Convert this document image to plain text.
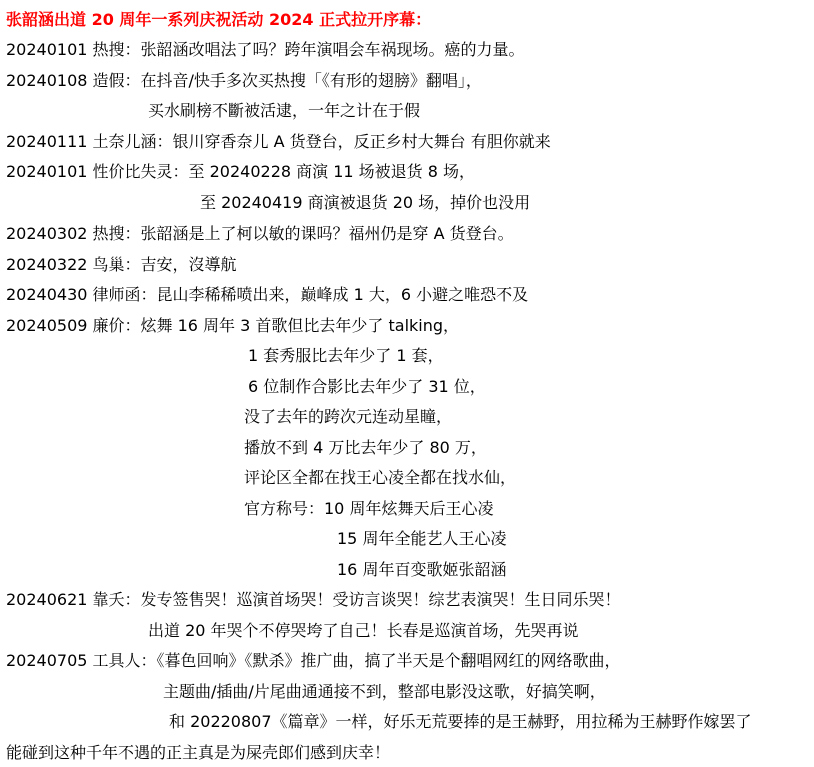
张韶涵出道 20 周年一系列庆祝活动 2024 正式拉开序幕：
20240101 热搜：张韶涵改唱法了吗？跨年演唱会车祸现场。癌的力量。
20240108 造假：在抖音/快手多次买热搜「《有形的翅膀》翻唱」，
买水刷榜不斷被活逮，一年之计在于假
20240111 土奈儿涵：银川穿香奈儿 A 货登台，反正乡村大舞台 有胆你就来
20240101 性价比失灵：至 20240228 商演 11 场被退货 8 场，
至 20240419 商演被退货 20 场，掉价也没用
20240302 热搜：张韶涵是上了柯以敏的课吗？福州仍是穿 A 货登台。
20240322 鸟巢：吉安，沒導航
20240430 律师函：昆山李稀稀喷出来，巅峰成 1 大，6 小避之唯恐不及
20240509 廉价：炫舞 16 周年 3 首歌但比去年少了 talking，
1 套秀服比去年少了 1 套，
6 位制作合影比去年少了 31 位，
没了去年的跨次元连动星瞳，
播放不到 4 万比去年少了 80 万，
评论区全都在找王心凌全都在找水仙，
官方称号：10 周年炫舞天后王心凌
15 周年全能艺人王心凌
16 周年百变歌姬张韶涵
20240621 靠夭：发专签售哭！巡演首场哭！受访言谈哭！综艺表演哭！生日同乐哭！
出道 20 年哭个不停哭垮了自己！长春是巡演首场，先哭再说
20240705 工具人：《暮色回响》《默杀》推广曲，搞了半天是个翻唱网红的网络歌曲，
主题曲/插曲/片尾曲通通接不到，整部电影没这歌，好搞笑啊，
和 20220807《篇章》一样，好乐无荒要捧的是王赫野，用拉稀为王赫野作嫁罢了
能碰到这种千年不遇的正主真是为屎壳郎们感到庆幸！
